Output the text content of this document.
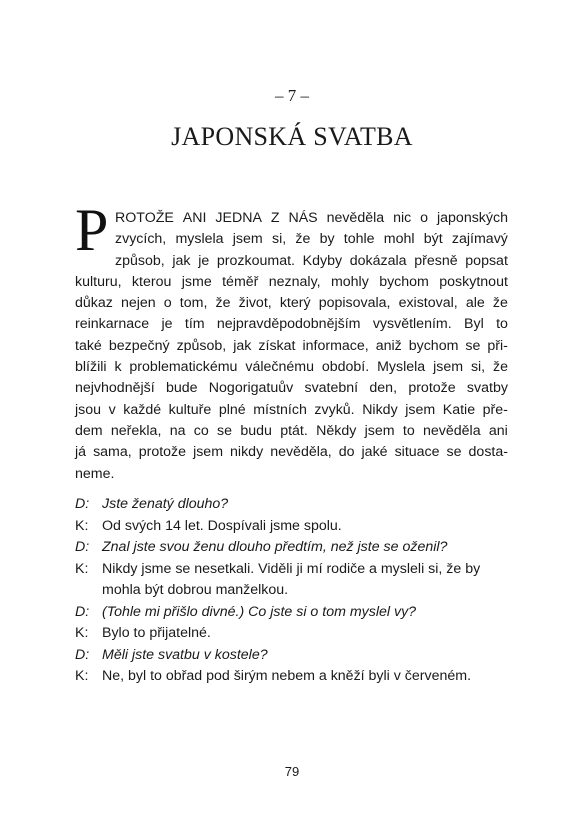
– 7 –
JAPONSKÁ SVATBA
P ROTOŽE ANI JEDNA Z NÁS nevěděla nic o japonských
zvycích, myslela jsem si, že by tohle mohl být zajímavý
způsob, jak je prozkoumat. Kdyby dokázala přesně popsat
kulturu, kterou jsme téměř neznaly, mohly bychom poskytnout
důkaz nejen o tom, že život, který popisovala, existoval, ale že
reinkarnace je tím nejpravděpodobnějším vysvětlením. Byl to
také bezpečný způsob, jak získat informace, aniž bychom se při-
blížili k problematickému válečnému období. Myslela jsem si, že
nejvhodnější bude Nogorigatuův svatební den, protože svatby
jsou v každé kultuře plné místních zvyků. Nikdy jsem Katie pře-
dem neřekla, na co se budu ptát. Někdy jsem to nevěděla ani
já sama, protože jsem nikdy nevěděla, do jaké situace se dosta-
neme.
D: Jste ženatý dlouho?
K: Od svých 14 let. Dospívali jsme spolu.
D: Znal jste svou ženu dlouho předtím, než jste se oženil?
K: Nikdy jsme se nesetkali. Viděli ji mí rodiče a mysleli si, že by
mohla být dobrou manželkou.
D: (Tohle mi přišlo divné.) Co jste si o tom myslel vy?
K: Bylo to přijatelné.
D: Měli jste svatbu v kostele?
K: Ne, byl to obřad pod širým nebem a kněží byli v červeném.
79
